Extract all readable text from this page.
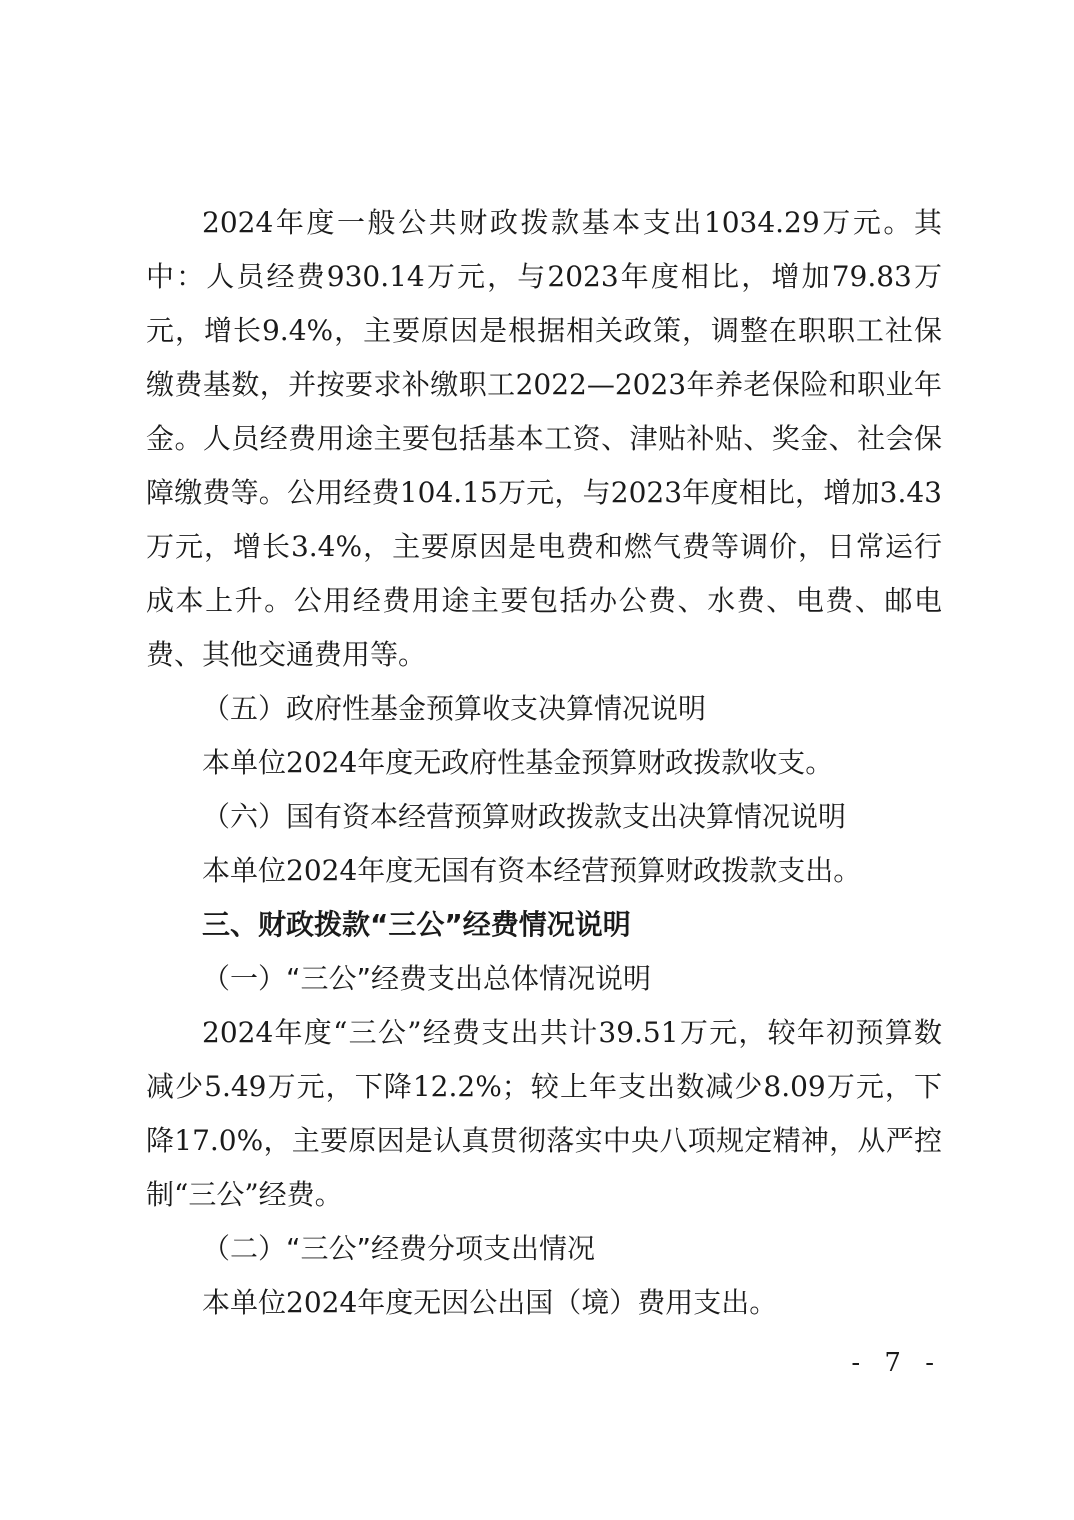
2024年度一般公共财政拨款基本支出1034.29万元。其中：人员经费930.14万元，与2023年度相比，增加79.83万元，增长9.4%，主要原因是根据相关政策，调整在职职工社保缴费基数，并按要求补缴职工2022—2023年养老保险和职业年金。人员经费用途主要包括基本工资、津贴补贴、奖金、社会保障缴费等。公用经费104.15万元，与2023年度相比，增加3.43万元，增长3.4%，主要原因是电费和燃气费等调价，日常运行成本上升。公用经费用途主要包括办公费、水费、电费、邮电费、其他交通费用等。

（五）政府性基金预算收支决算情况说明

本单位2024年度无政府性基金预算财政拨款收支。

（六）国有资本经营预算财政拨款支出决算情况说明

本单位2024年度无国有资本经营预算财政拨款支出。

三、财政拨款“三公”经费情况说明

（一）“三公”经费支出总体情况说明

2024年度“三公”经费支出共计39.51万元，较年初预算数减少5.49万元，下降12.2%；较上年支出数减少8.09万元，下降17.0%，主要原因是认真贯彻落实中央八项规定精神，从严控制“三公”经费。

（二）“三公”经费分项支出情况

本单位2024年度无因公出国（境）费用支出。

- 7 -
